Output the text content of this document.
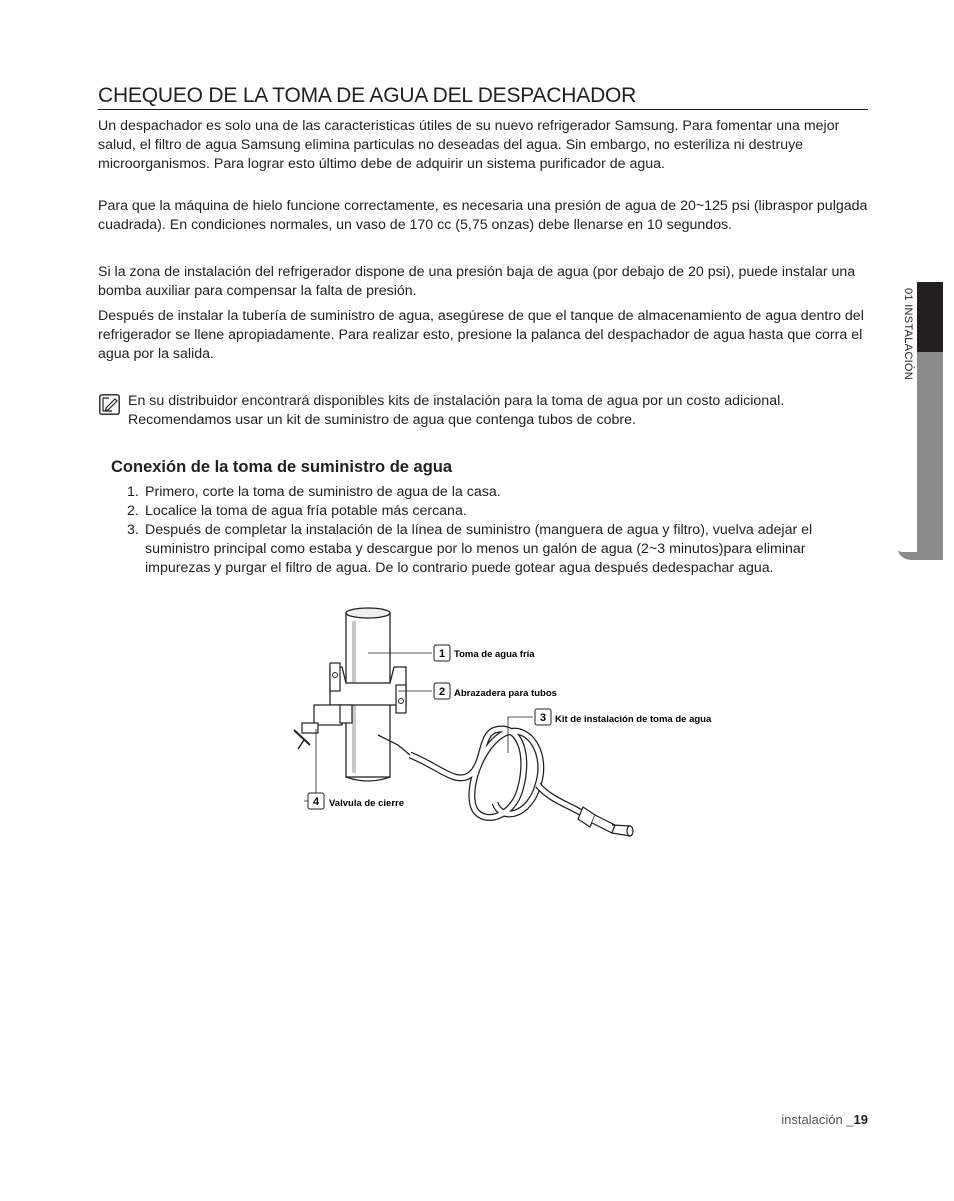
CHEQUEO DE LA TOMA DE AGUA DEL DESPACHADOR
Un despachador es solo una de las caracteristicas útiles de su nuevo refrigerador Samsung. Para fomentar una mejor salud, el filtro de agua Samsung elimina particulas no deseadas del agua. Sin embargo, no esteriliza ni destruye microorganismos. Para lograr esto último debe de adquirir un sistema purificador de agua.
Para que la máquina de hielo funcione correctamente, es necesaria una presión de agua de 20~125 psi (libraspor pulgada cuadrada). En condiciones normales, un vaso de 170 cc (5,75 onzas) debe llenarse en 10 segundos.
Si la zona de instalación del refrigerador dispone de una presión baja de agua (por debajo de 20 psi), puede instalar una bomba auxiliar para compensar la falta de presión.
Después de instalar la tubería de suministro de agua, asegúrese de que el tanque de almacenamiento de agua dentro del refrigerador se llene apropiadamente. Para realizar esto, presione la palanca del despachador de agua hasta que corra el agua por la salida.
En su distribuidor encontrará disponibles kits de instalación para la toma de agua por un costo adicional. Recomendamos usar un kit de suministro de agua que contenga tubos de cobre.
Conexión de la toma de suministro de agua
1. Primero, corte la toma de suministro de agua de la casa.
2. Localice la toma de agua fría potable más cercana.
3. Después de completar la instalación de la línea de suministro (manguera de agua y filtro), vuelva adejar el suministro principal como estaba y descargue por lo menos un galón de agua (2~3 minutos)para eliminar impurezas y purgar el filtro de agua. De lo contrario puede gotear agua después dedespachar agua.
01 INSTALACIÓN
1 Toma de agua fría
2 Abrazadera para tubos
3 Kit de instalación de toma de agua
4 Valvula de cierre
instalación _19
